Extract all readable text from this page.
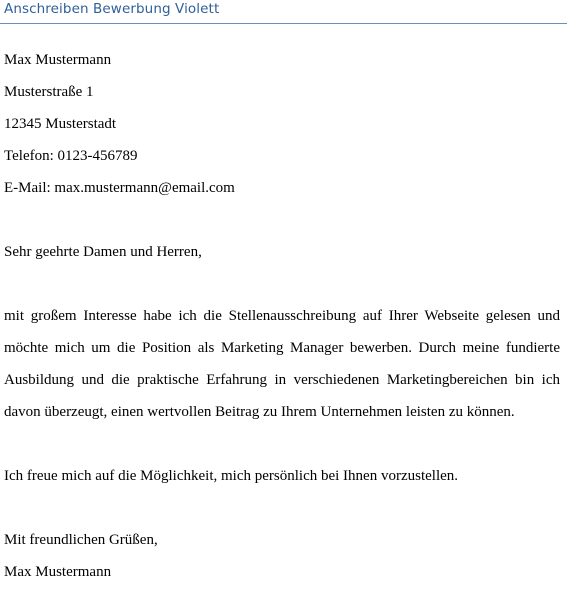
Anschreiben Bewerbung Violett
Max Mustermann
Musterstraße 1
12345 Musterstadt
Telefon: 0123-456789
E-Mail: max.mustermann@email.com
Sehr geehrte Damen und Herren,

mit großem Interesse habe ich die Stellenausschreibung auf Ihrer Webseite gelesen und möchte mich um die Position als Marketing Manager bewerben. Durch meine fundierte Ausbildung und die praktische Erfahrung in verschiedenen Marketingbereichen bin ich davon überzeugt, einen wertvollen Beitrag zu Ihrem Unternehmen leisten zu können.

Ich freue mich auf die Möglichkeit, mich persönlich bei Ihnen vorzustellen.
Mit freundlichen Grüßen,
Max Mustermann
